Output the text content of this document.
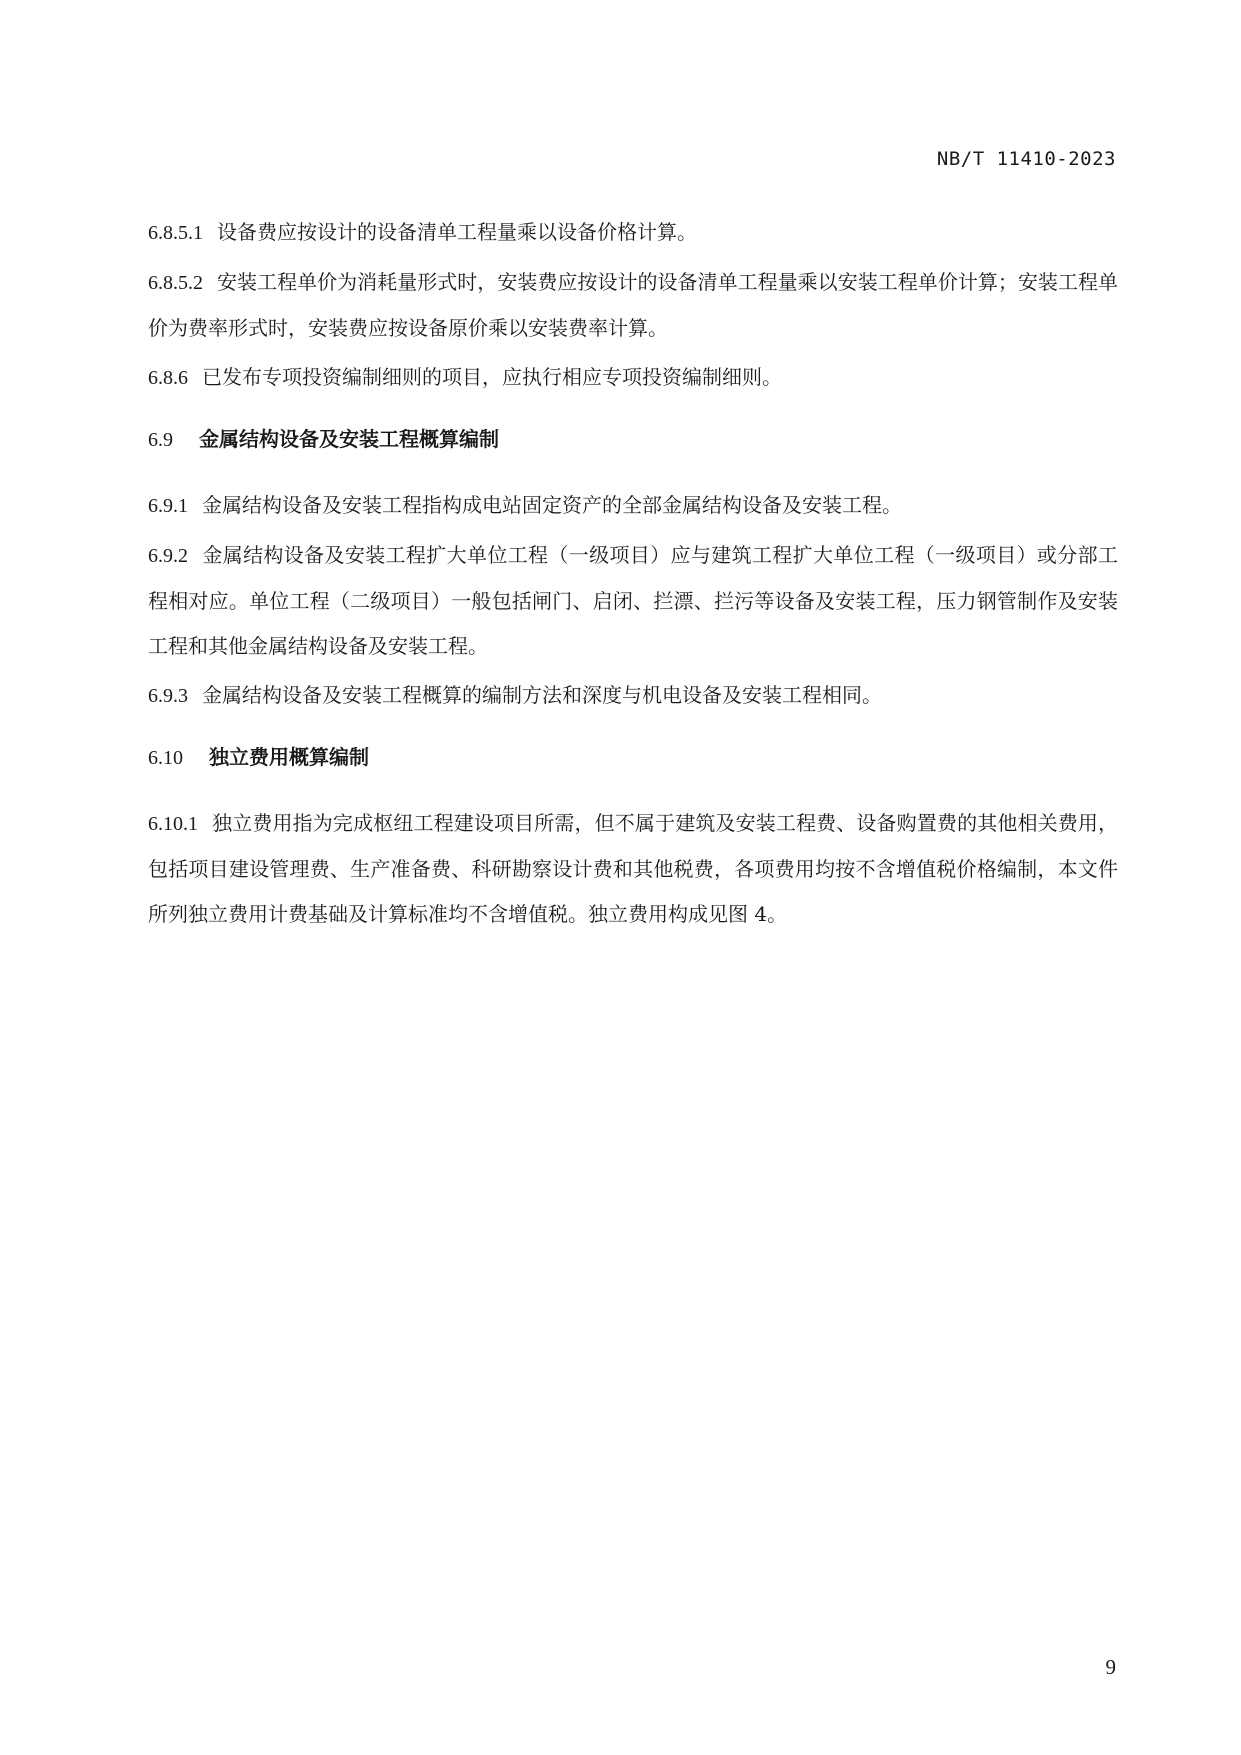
NB/T 11410-2023

6.8.5.1 设备费应按设计的设备清单工程量乘以设备价格计算。

6.8.5.2 安装工程单价为消耗量形式时，安装费应按设计的设备清单工程量乘以安装工程单价计算；安装工程单价为费率形式时，安装费应按设备原价乘以安装费率计算。

6.8.6 已发布专项投资编制细则的项目，应执行相应专项投资编制细则。

6.9 金属结构设备及安装工程概算编制

6.9.1 金属结构设备及安装工程指构成电站固定资产的全部金属结构设备及安装工程。

6.9.2 金属结构设备及安装工程扩大单位工程（一级项目）应与建筑工程扩大单位工程（一级项目）或分部工程相对应。单位工程（二级项目）一般包括闸门、启闭、拦漂、拦污等设备及安装工程，压力钢管制作及安装工程和其他金属结构设备及安装工程。

6.9.3 金属结构设备及安装工程概算的编制方法和深度与机电设备及安装工程相同。

6.10 独立费用概算编制

6.10.1 独立费用指为完成枢纽工程建设项目所需，但不属于建筑及安装工程费、设备购置费的其他相关费用，包括项目建设管理费、生产准备费、科研勘察设计费和其他税费，各项费用均按不含增值税价格编制，本文件所列独立费用计费基础及计算标准均不含增值税。独立费用构成见图 4。

9
